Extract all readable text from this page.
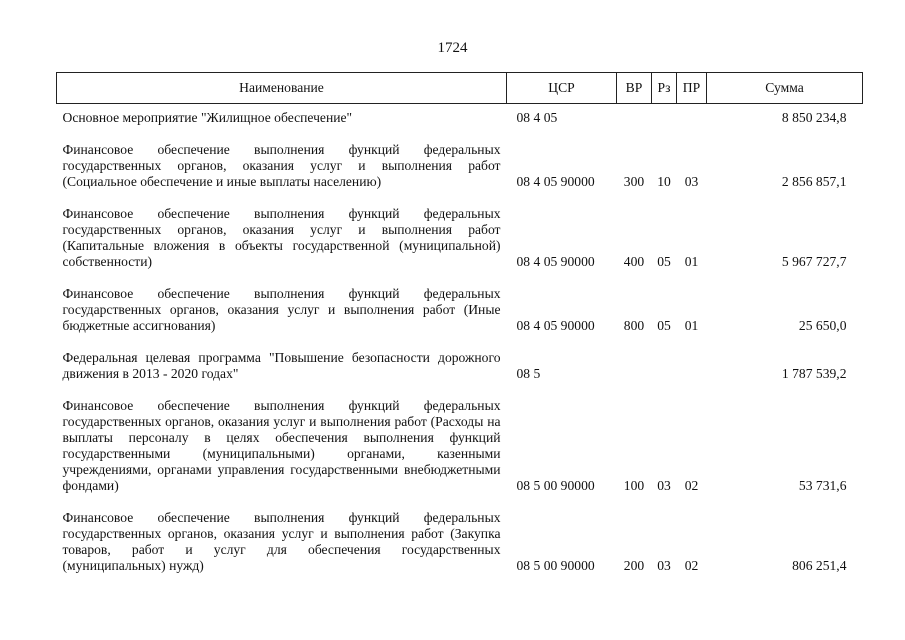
1724
Наименование	ЦСР	ВР	Рз	ПР	Сумма
Основное мероприятие "Жилищное обеспечение"	08 4 05				8 850 234,8
Финансовое обеспечение выполнения функций федеральных государственных органов, оказания услуг и выполнения работ (Социальное обеспечение и иные выплаты населению)	08 4 05 90000	300	10	03	2 856 857,1
Финансовое обеспечение выполнения функций федеральных государственных органов, оказания услуг и выполнения работ (Капитальные вложения в объекты государственной (муниципальной) собственности)	08 4 05 90000	400	05	01	5 967 727,7
Финансовое обеспечение выполнения функций федеральных государственных органов, оказания услуг и выполнения работ (Иные бюджетные ассигнования)	08 4 05 90000	800	05	01	25 650,0
Федеральная целевая программа "Повышение безопасности дорожного движения в 2013 - 2020 годах"	08 5				1 787 539,2
Финансовое обеспечение выполнения функций федеральных государственных органов, оказания услуг и выполнения работ (Расходы на выплаты персоналу в целях обеспечения выполнения функций государственными (муниципальными) органами, казенными учреждениями, органами управления государственными внебюджетными фондами)	08 5 00 90000	100	03	02	53 731,6
Финансовое обеспечение выполнения функций федеральных государственных органов, оказания услуг и выполнения работ (Закупка товаров, работ и услуг для обеспечения государственных (муниципальных) нужд)	08 5 00 90000	200	03	02	806 251,4
